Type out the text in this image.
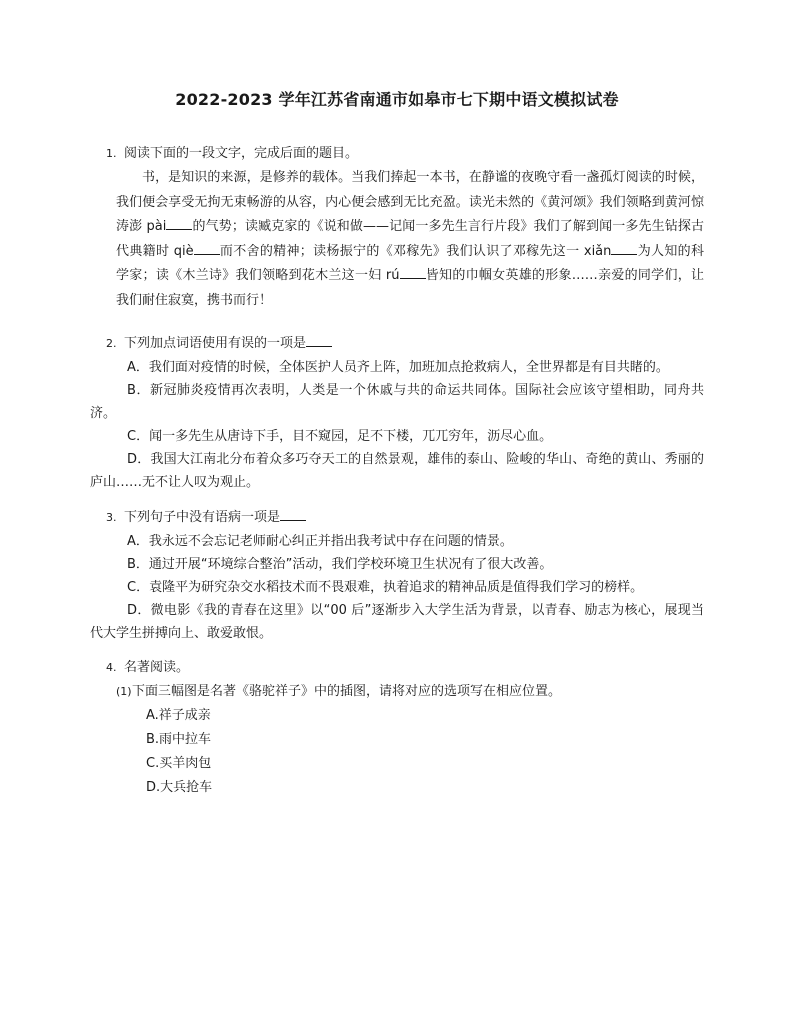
2022-2023 学年江苏省南通市如皋市七下期中语文模拟试卷
1. 阅读下面的一段文字，完成后面的题目。
书，是知识的来源，是修养的载体。当我们捧起一本书，在静谧的夜晚守看一盏孤灯阅读的时候，我们便会享受无拘无束畅游的从容，内心便会感到无比充盈。读光未然的《黄河颂》我们领略到黄河惊涛澎 pài 的气势；读臧克家的《说和做——记闻一多先生言行片段》我们了解到闻一多先生钻探古代典籍时 qiè 而不舍的精神；读杨振宁的《邓稼先》我们认识了邓稼先这一 xiǎn 为人知的科学家；读《木兰诗》我们领略到花木兰这一妇 rú 皆知的巾帼女英雄的形象……亲爱的同学们，让我们耐住寂寞，携书而行！
2. 下列加点词语使用有误的一项是
A．我们面对疫情的时候，全体医护人员齐上阵，加班加点抢救病人，全世界都是有目共睹的。
B．新冠肺炎疫情再次表明，人类是一个休戚与共的命运共同体。国际社会应该守望相助，同舟共济。
C．闻一多先生从唐诗下手，目不窥园，足不下楼，兀兀穷年，沥尽心血。
D．我国大江南北分布着众多巧夺天工的自然景观，雄伟的泰山、险峻的华山、奇绝的黄山、秀丽的庐山……无不让人叹为观止。
3. 下列句子中没有语病一项是
A．我永远不会忘记老师耐心纠正并指出我考试中存在问题的情景。
B．通过开展“环境综合整治”活动，我们学校环境卫生状况有了很大改善。
C．袁隆平为研究杂交水稻技术而不畏艰难，执着追求的精神品质是值得我们学习的榜样。
D．微电影《我的青春在这里》以“00 后”逐渐步入大学生活为背景，以青春、励志为核心，展现当代大学生拼搏向上、敢爱敢恨。
4. 名著阅读。
(1) 下面三幅图是名著《骆驼祥子》中的插图，请将对应的选项写在相应位置。
A.祥子成亲
B.雨中拉车
C.买羊肉包
D.大兵抢车
